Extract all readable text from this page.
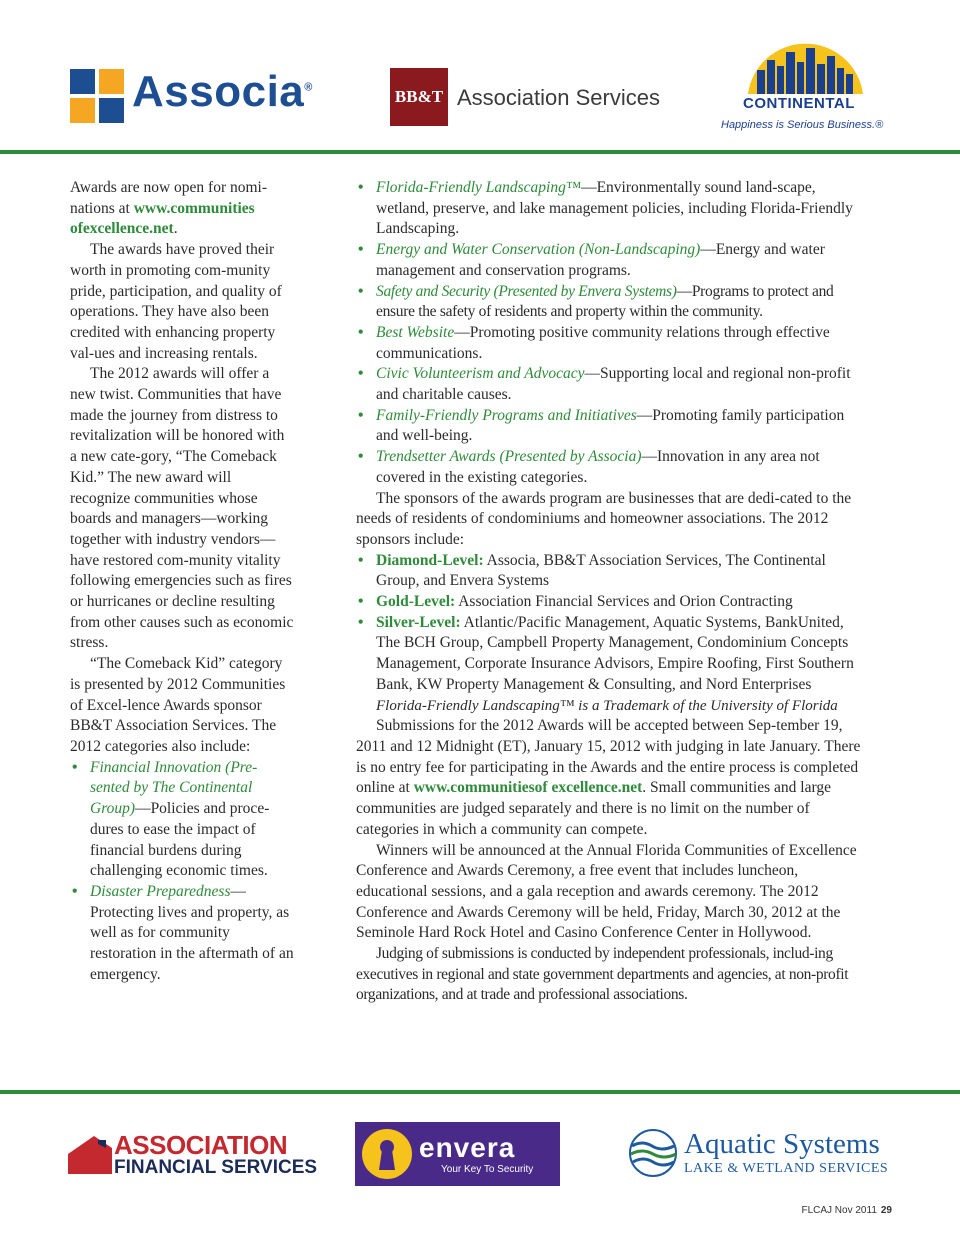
Associa®	BB&T Association Services	CONTINENTAL
Happiness is Serious Business.®

Awards are now open for nomi-nations at www.communities ofexcellence.net.

The awards have proved their worth in promoting com-munity pride, participation, and quality of operations. They have also been credited with enhancing property val-ues and increasing rentals.

The 2012 awards will offer a new twist. Communities that have made the journey from distress to revitalization will be honored with a new cate-gory, “The Comeback Kid.” The new award will recognize communities whose boards and managers—working together with industry vendors—have restored com-munity vitality following emergencies such as fires or hurricanes or decline resulting from other causes such as economic stress.

“The Comeback Kid” category is presented by 2012 Communities of Excel-lence Awards sponsor BB&T Association Services. The 2012 categories also include:

• Financial Innovation (Pre-sented by The Continental Group)—Policies and proce-dures to ease the impact of financial burdens during challenging economic times.
• Disaster Preparedness— Protecting lives and property, as well as for community restoration in the aftermath of an emergency.
• Florida-Friendly Landscaping™—Environmentally sound land-scape, wetland, preserve, and lake management policies, including Florida-Friendly Landscaping.
• Energy and Water Conservation (Non-Landscaping)—Energy and water management and conservation programs.
• Safety and Security (Presented by Envera Systems)—Programs to protect and ensure the safety of residents and property within the community.
• Best Website—Promoting positive community relations through effective communications.
• Civic Volunteerism and Advocacy—Supporting local and regional non-profit and charitable causes.
• Family-Friendly Programs and Initiatives—Promoting family participation and well-being.
• Trendsetter Awards (Presented by Associa)—Innovation in any area not covered in the existing categories.

The sponsors of the awards program are businesses that are dedi-cated to the needs of residents of condominiums and homeowner associations. The 2012 sponsors include:

• Diamond-Level: Associa, BB&T Association Services, The Continental Group, and Envera Systems
• Gold-Level: Association Financial Services and Orion Contracting
• Silver-Level: Atlantic/Pacific Management, Aquatic Systems, BankUnited, The BCH Group, Campbell Property Management, Condominium Concepts Management, Corporate Insurance Advisors, Empire Roofing, First Southern Bank, KW Property Management & Consulting, and Nord Enterprises

Florida-Friendly Landscaping™ is a Trademark of the University of Florida

Submissions for the 2012 Awards will be accepted between Sep-tember 19, 2011 and 12 Midnight (ET), January 15, 2012 with judging in late January. There is no entry fee for participating in the Awards and the entire process is completed online at www.communitiesof excellence.net. Small communities and large communities are judged separately and there is no limit on the number of categories in which a community can compete.

Winners will be announced at the Annual Florida Communities of Excellence Conference and Awards Ceremony, a free event that includes luncheon, educational sessions, and a gala reception and awards ceremony. The 2012 Conference and Awards Ceremony will be held, Friday, March 30, 2012 at the Seminole Hard Rock Hotel and Casino Conference Center in Hollywood.

Judging of submissions is conducted by independent professionals, includ-ing executives in regional and state government departments and agencies, at non-profit organizations, and at trade and professional associations.

ASSOCIATION
FINANCIAL SERVICES
envera
Your Key To Security
Aquatic Systems
LAKE & WETLAND SERVICES
FLCAJ Nov 2011 29
